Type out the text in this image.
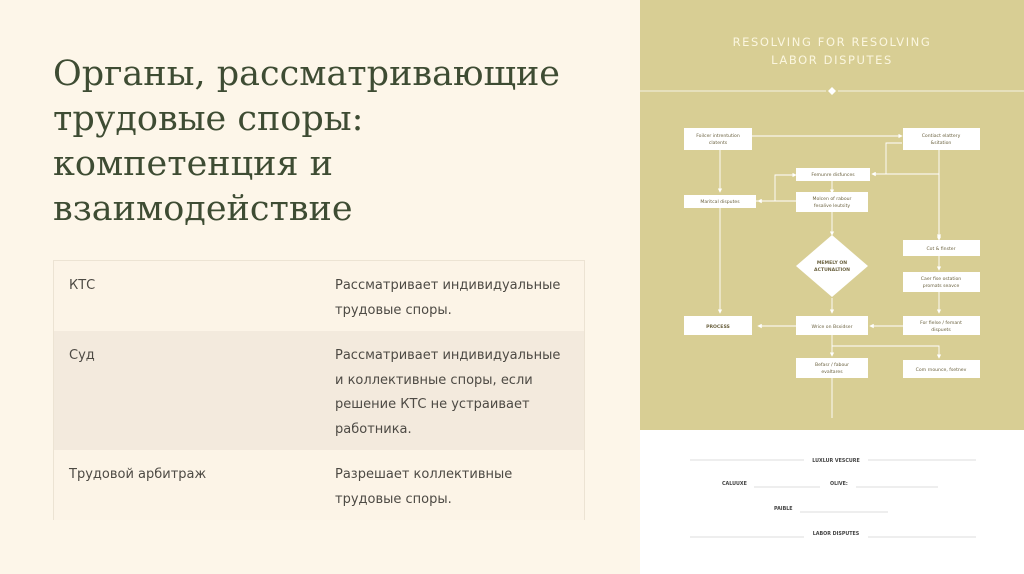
Органы, рассматривающие
трудовые споры:
компетенция и
взаимодействие
КТС	Рассматривает индивидуальные
трудовые споры.
Суд	Рассматривает индивидуальные
и коллективные споры, если
решение КТС не устраивает
работника.
Трудовой арбитраж	Разрешает коллективные
трудовые споры.
RESOLVING FOR RESOLVING
LABOR DISPUTES
Foilcer intrentution
clatents
Contiact elattery
&sitation
Femunre disfunces
Maritcal disputes
Molcen of rabour
fesalive leutsity
MEMELY ON
ACTUNALTION
Cot & finster
Caer fise ostation
promats seavce
PROCESS	Wrice on Bsxidser
For fielse / femant
dispuets
Befasr / fabour
evaltares	Com rnounce, fsetnev
LUXLUR VESCURE
CALUUXE	OLIVE:
PAIBLE
LABOR DISPUTES
